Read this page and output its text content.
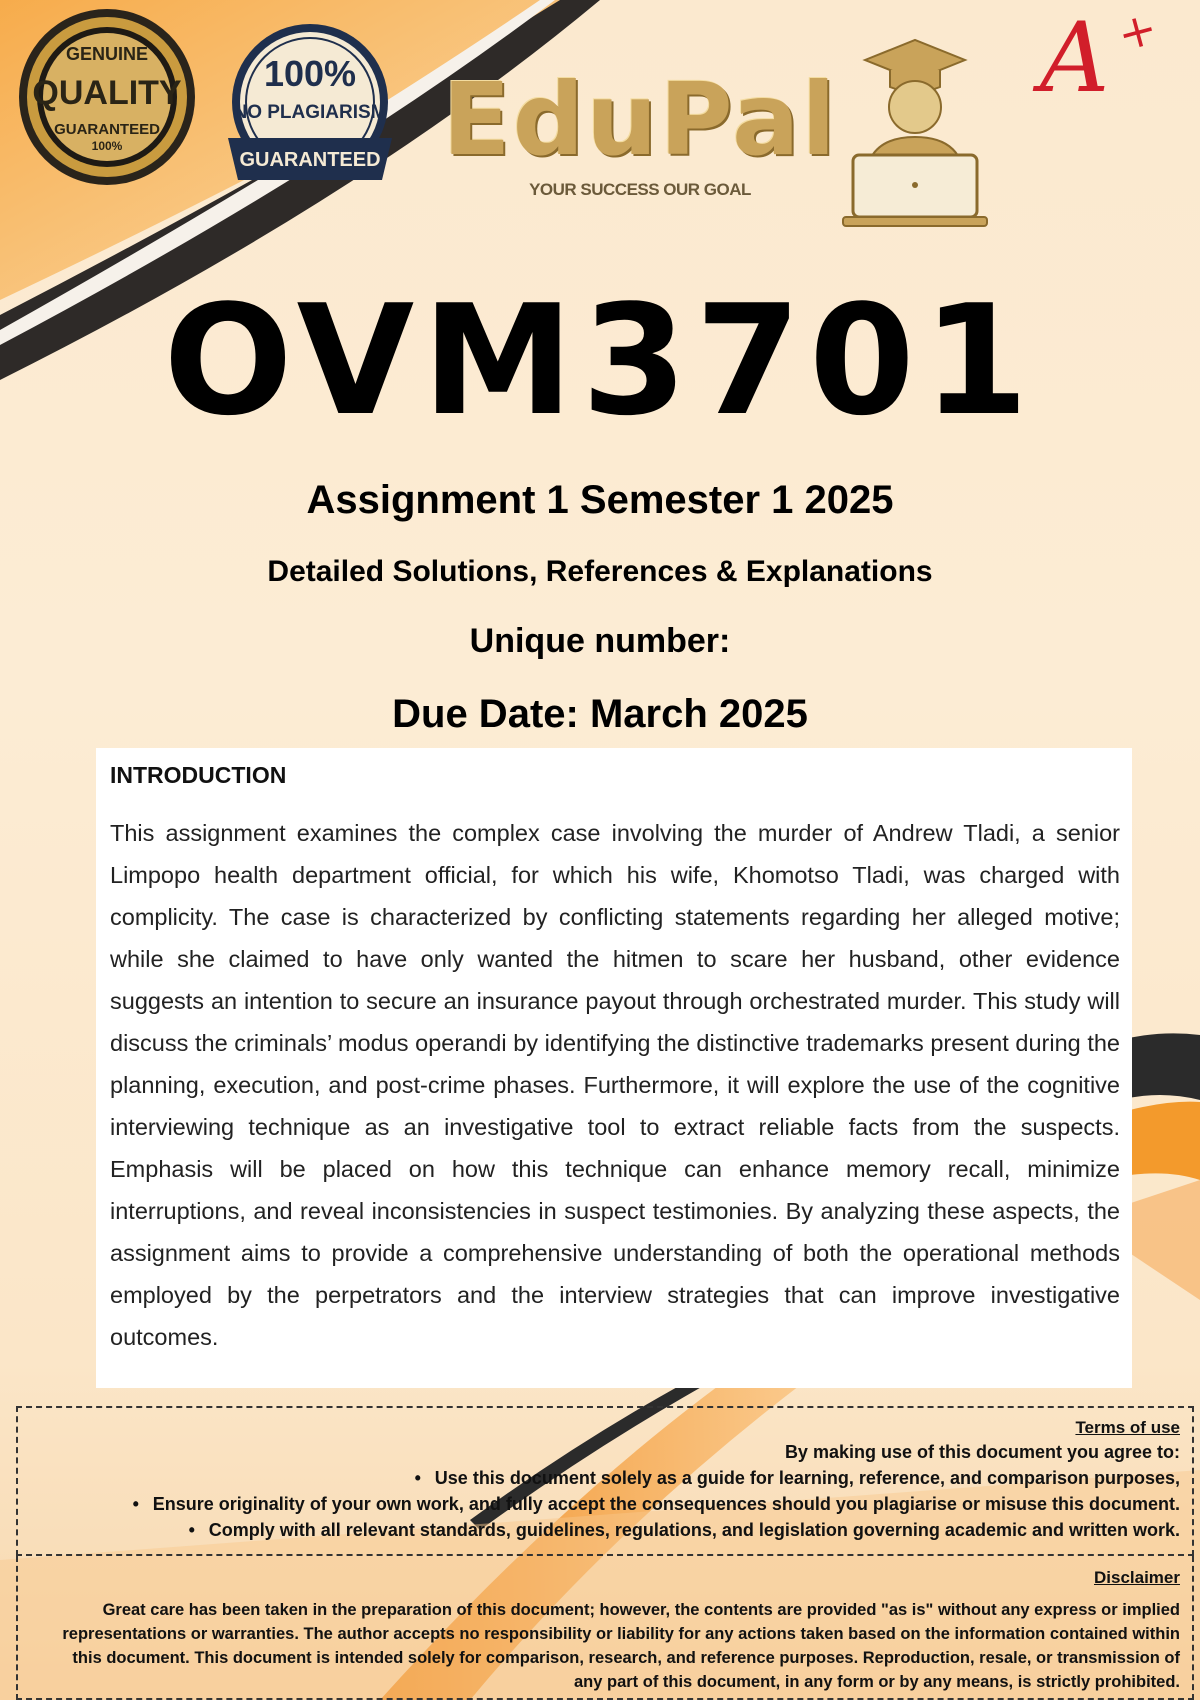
GENUINE
QUALITY
GUARANTEED
100%
100%
NO PLAGIARISM
GUARANTEED EduPal
YOUR SUCCESS OUR GOAL
A +
OVM3701
Assignment 1 Semester 1 2025
Detailed Solutions, References & Explanations
Unique number:
Due Date: March 2025
INTRODUCTION

This assignment examines the complex case involving the murder of Andrew Tladi, a senior Limpopo health department official, for which his wife, Khomotso Tladi, was charged with complicity. The case is characterized by conflicting statements regarding her alleged motive; while she claimed to have only wanted the hitmen to scare her husband, other evidence suggests an intention to secure an insurance payout through orchestrated murder. This study will discuss the criminals’ modus operandi by identifying the distinctive trademarks present during the planning, execution, and post-crime phases. Furthermore, it will explore the use of the cognitive interviewing technique as an investigative tool to extract reliable facts from the suspects. Emphasis will be placed on how this technique can enhance memory recall, minimize interruptions, and reveal inconsistencies in suspect testimonies. By analyzing these aspects, the assignment aims to provide a comprehensive understanding of both the operational methods employed by the perpetrators and the interview strategies that can improve investigative outcomes.

Terms of use
By making use of this document you agree to:
• Use this document solely as a guide for learning, reference, and comparison purposes,
• Ensure originality of your own work, and fully accept the consequences should you plagiarise or misuse this document.
• Comply with all relevant standards, guidelines, regulations, and legislation governing academic and written work.
Disclaimer

Great care has been taken in the preparation of this document; however, the contents are provided "as is" without any express or implied representations or warranties. The author accepts no responsibility or liability for any actions taken based on the information contained within this document. This document is intended solely for comparison, research, and reference purposes. Reproduction, resale, or transmission of any part of this document, in any form or by any means, is strictly prohibited.
